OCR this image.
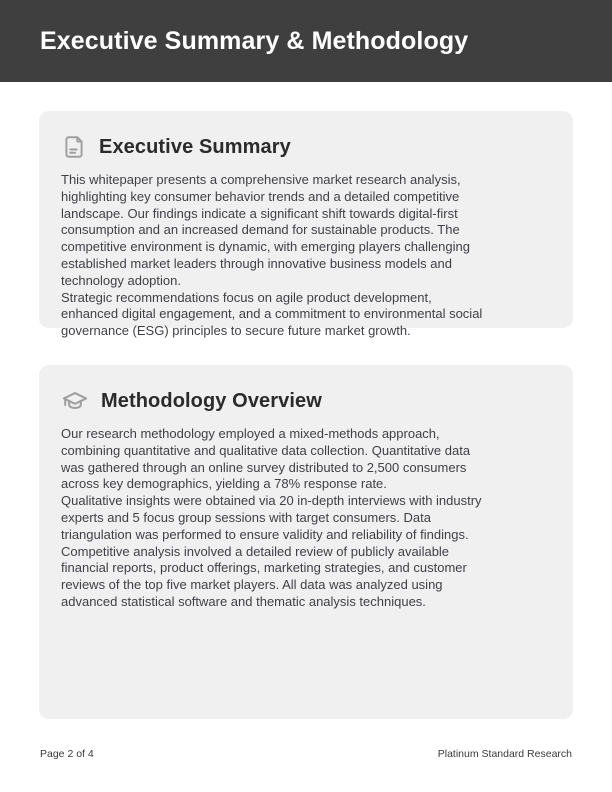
Executive Summary & Methodology
Executive Summary
This whitepaper presents a comprehensive market research analysis,
highlighting key consumer behavior trends and a detailed competitive
landscape. Our findings indicate a significant shift towards digital-first
consumption and an increased demand for sustainable products. The
competitive environment is dynamic, with emerging players challenging
established market leaders through innovative business models and
technology adoption.
Strategic recommendations focus on agile product development,
enhanced digital engagement, and a commitment to environmental social
governance (ESG) principles to secure future market growth.
Methodology Overview
Our research methodology employed a mixed-methods approach,
combining quantitative and qualitative data collection. Quantitative data
was gathered through an online survey distributed to 2,500 consumers
across key demographics, yielding a 78% response rate.
Qualitative insights were obtained via 20 in-depth interviews with industry
experts and 5 focus group sessions with target consumers. Data
triangulation was performed to ensure validity and reliability of findings.
Competitive analysis involved a detailed review of publicly available
financial reports, product offerings, marketing strategies, and customer
reviews of the top five market players. All data was analyzed using
advanced statistical software and thematic analysis techniques.
Page 2 of 4	Platinum Standard Research
